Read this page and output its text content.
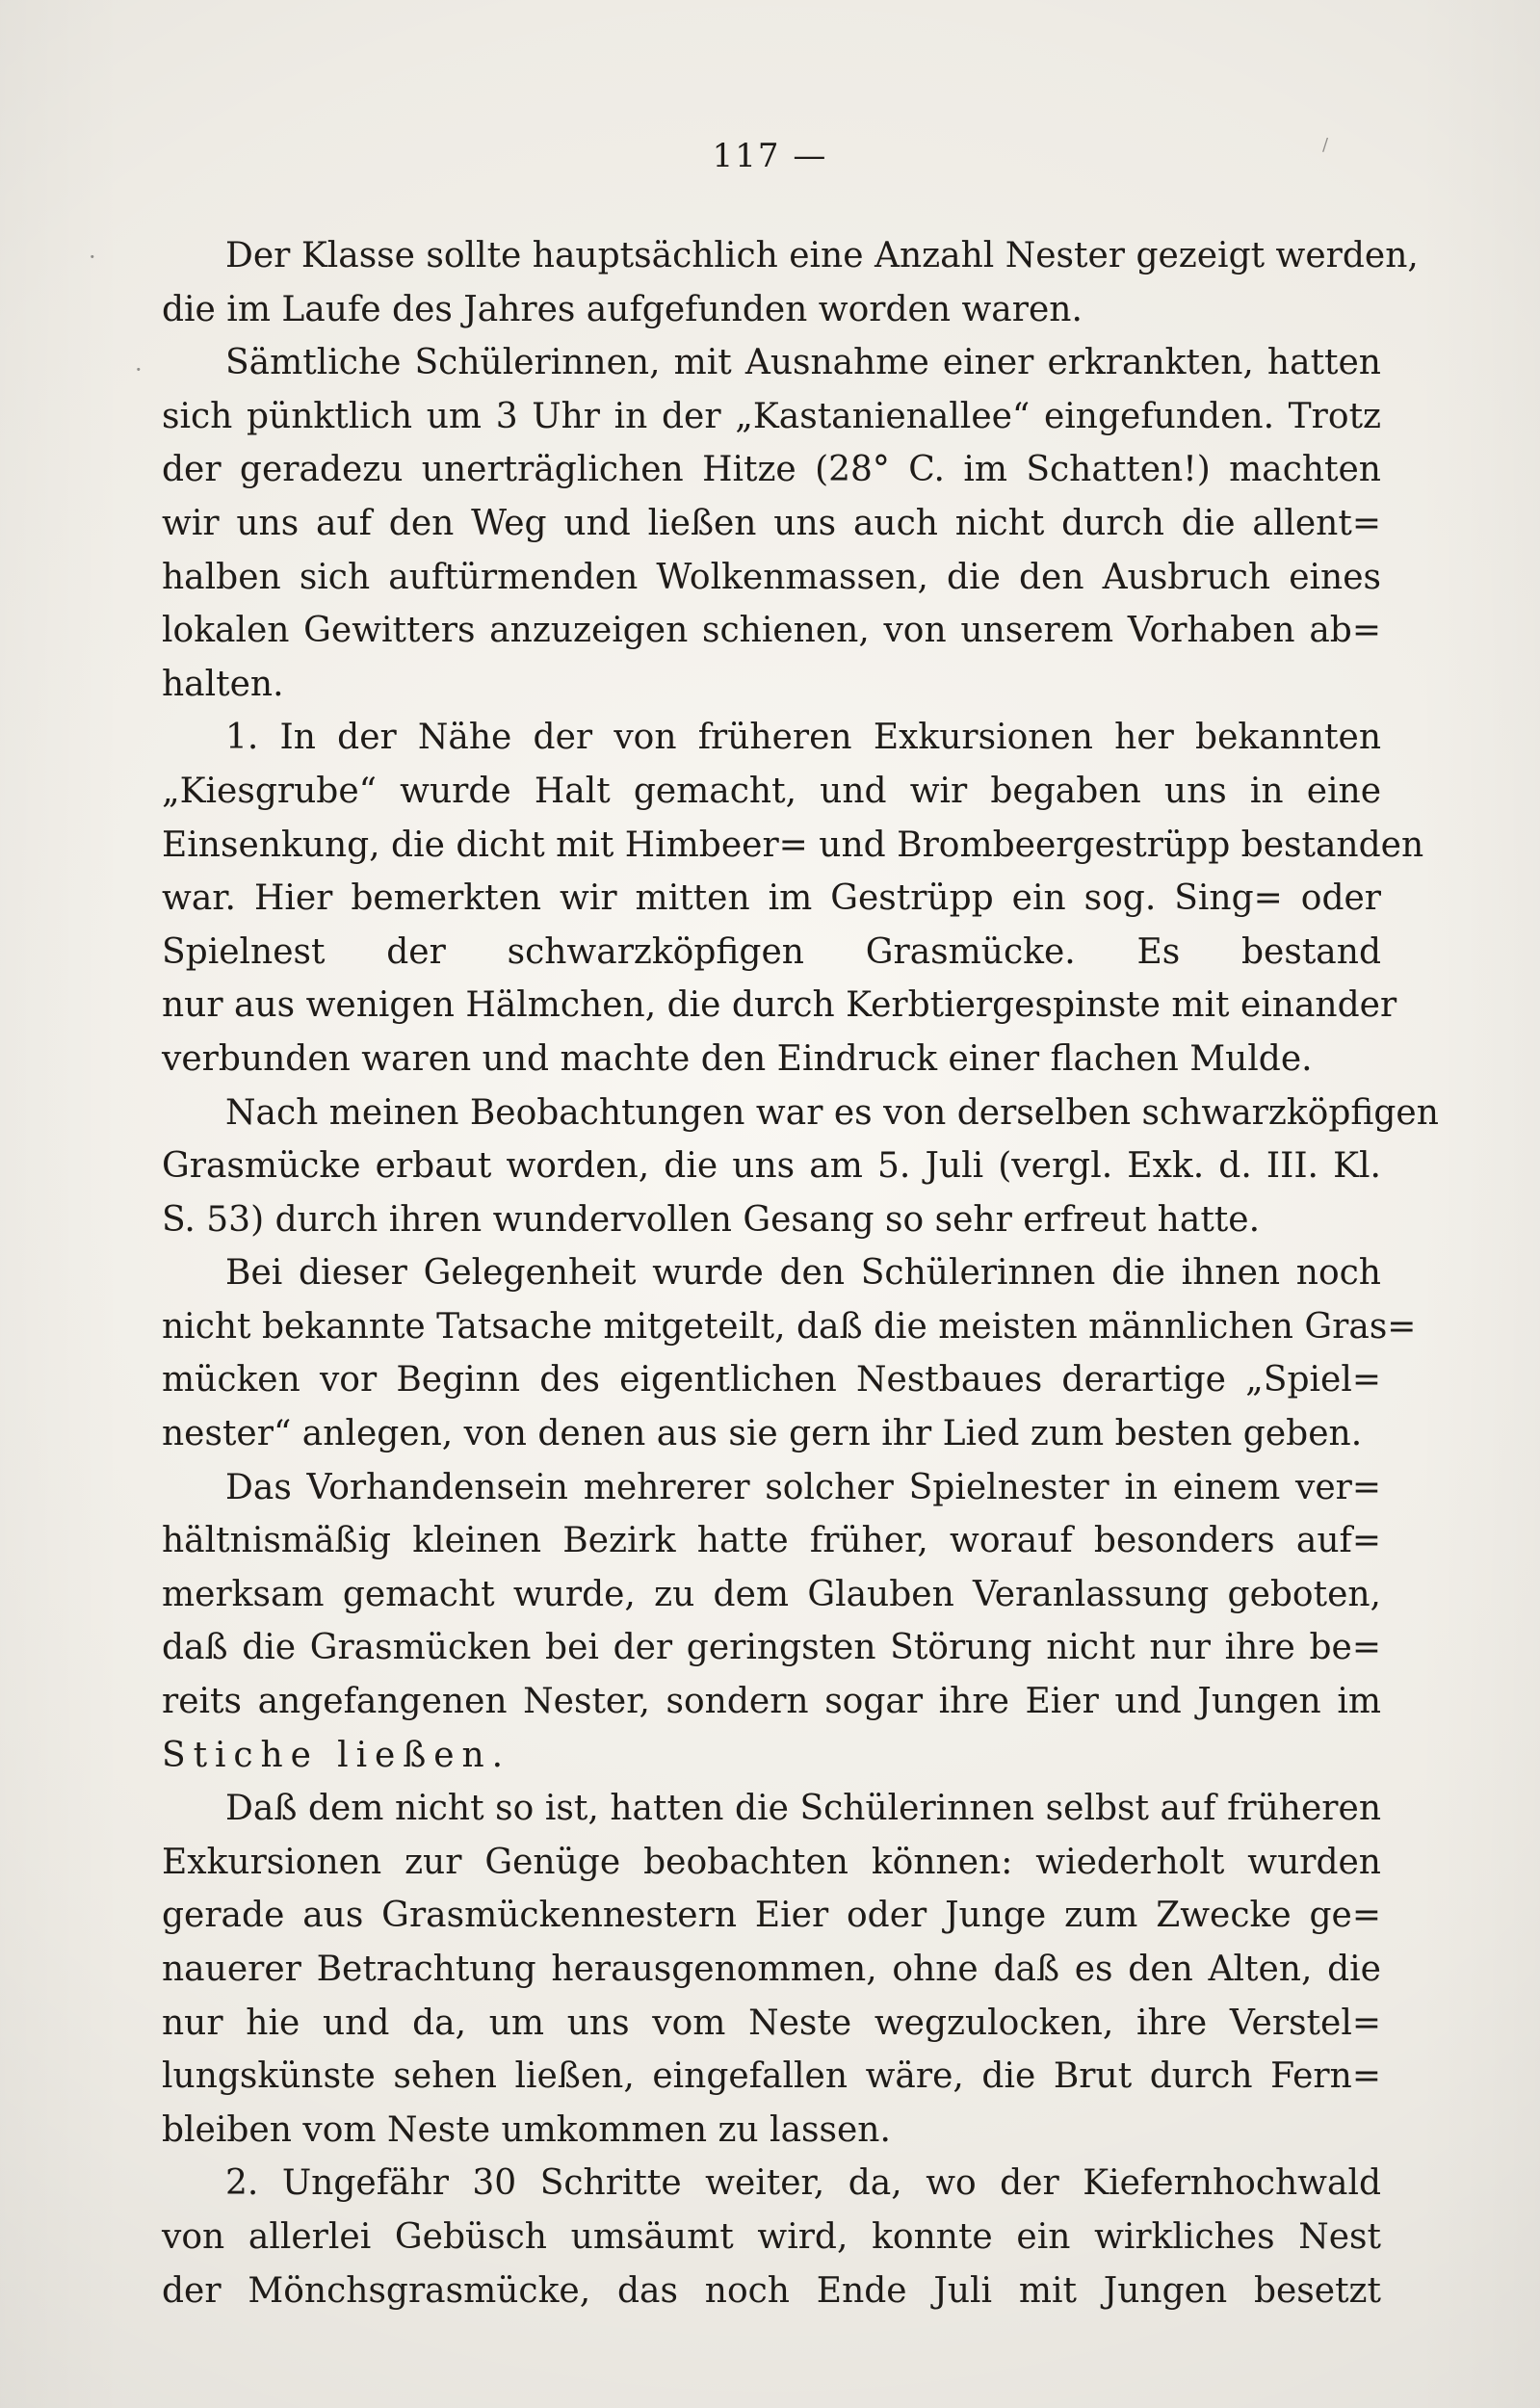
117 —
Der Klasse sollte hauptsächlich eine Anzahl Nester gezeigt werden,
die im Laufe des Jahres aufgefunden worden waren.
Sämtliche Schülerinnen, mit Ausnahme einer erkrankten, hatten
sich pünktlich um 3 Uhr in der „Kastanienallee“ eingefunden. Trotz
der geradezu unerträglichen Hitze (28° C. im Schatten!) machten
wir uns auf den Weg und ließen uns auch nicht durch die allent=
halben sich auftürmenden Wolkenmassen, die den Ausbruch eines
lokalen Gewitters anzuzeigen schienen, von unserem Vorhaben ab=
halten.
1. In der Nähe der von früheren Exkursionen her bekannten
„Kiesgrube“ wurde Halt gemacht, und wir begaben uns in eine
Einsenkung, die dicht mit Himbeer= und Brombeergestrüpp bestanden
war. Hier bemerkten wir mitten im Gestrüpp ein sog. Sing= oder
Spielnest der schwarzköpfigen Grasmücke. Es bestand
nur aus wenigen Hälmchen, die durch Kerbtiergespinste mit einander
verbunden waren und machte den Eindruck einer flachen Mulde.
Nach meinen Beobachtungen war es von derselben schwarzköpfigen
Grasmücke erbaut worden, die uns am 5. Juli (vergl. Exk. d. III. Kl.
S. 53) durch ihren wundervollen Gesang so sehr erfreut hatte.
Bei dieser Gelegenheit wurde den Schülerinnen die ihnen noch
nicht bekannte Tatsache mitgeteilt, daß die meisten männlichen Gras=
mücken vor Beginn des eigentlichen Nestbaues derartige „Spiel=
nester“ anlegen, von denen aus sie gern ihr Lied zum besten geben.
Das Vorhandensein mehrerer solcher Spielnester in einem ver=
hältnismäßig kleinen Bezirk hatte früher, worauf besonders auf=
merksam gemacht wurde, zu dem Glauben Veranlassung geboten,
daß die Grasmücken bei der geringsten Störung nicht nur ihre be=
reits angefangenen Nester, sondern sogar ihre Eier und Jungen im
Stiche ließen.
Daß dem nicht so ist, hatten die Schülerinnen selbst auf früheren
Exkursionen zur Genüge beobachten können: wiederholt wurden
gerade aus Grasmückennestern Eier oder Junge zum Zwecke ge=
nauerer Betrachtung herausgenommen, ohne daß es den Alten, die
nur hie und da, um uns vom Neste wegzulocken, ihre Verstel=
lungskünste sehen ließen, eingefallen wäre, die Brut durch Fern=
bleiben vom Neste umkommen zu lassen.
2. Ungefähr 30 Schritte weiter, da, wo der Kiefernhochwald
von allerlei Gebüsch umsäumt wird, konnte ein wirkliches Nest
der Mönchsgrasmücke, das noch Ende Juli mit Jungen besetzt
·
·
/
